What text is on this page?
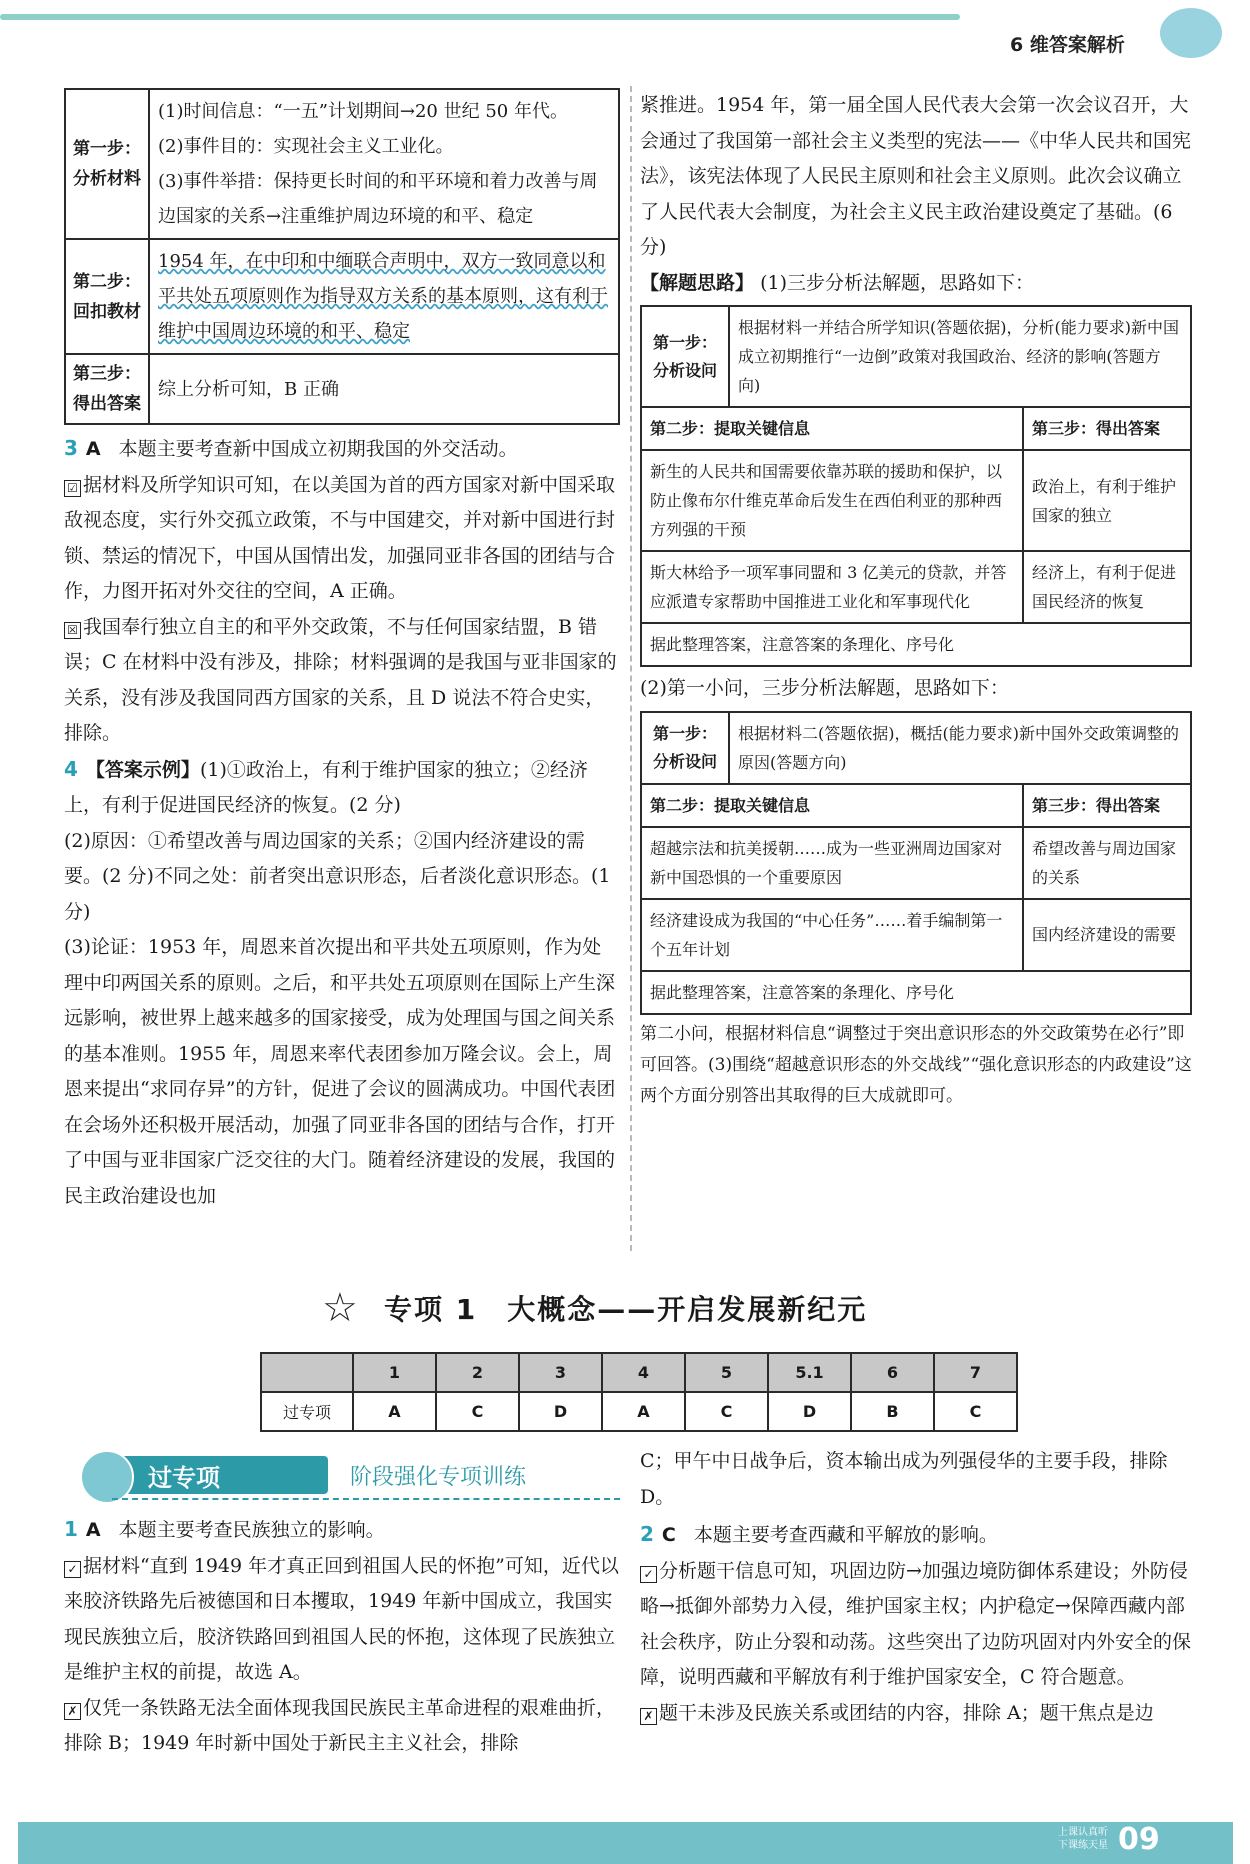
6 维答案解析
第一步：分析材料	(1)时间信息：“一五”计划期间→20 世纪 50 年代。

(2)事件目的：实现社会主义工业化。

(3)事件举措：保持更长时间的和平环境和着力改善与周边国家的关系→注重维护周边环境的和平、稳定

第二步：回扣教材	1954 年，在中印和中缅联合声明中，双方一致同意以和平共处五项原则作为指导双方关系的基本原则，这有利于维护中国周边环境的和平、稳定

第三步：得出答案	综上分析可知，B 正确

3 A 本题主要考查新中国成立初期我国的外交活动。

☑ 据材料及所学知识可知，在以美国为首的西方国家对新中国采取敌视态度，实行外交孤立政策，不与中国建交，并对新中国进行封锁、禁运的情况下，中国从国情出发，加强同亚非各国的团结与合作，力图开拓对外交往的空间，A 正确。

☒ 我国奉行独立自主的和平外交政策，不与任何国家结盟，B 错误；C 在材料中没有涉及，排除；材料强调的是我国与亚非国家的关系，没有涉及我国同西方国家的关系，且 D 说法不符合史实，排除。

4 【答案示例】(1)①政治上，有利于维护国家的独立；②经济上，有利于促进国民经济的恢复。(2 分)

(2)原因：①希望改善与周边国家的关系；②国内经济建设的需要。(2 分)不同之处：前者突出意识形态，后者淡化意识形态。(1 分)

(3)论证：1953 年，周恩来首次提出和平共处五项原则，作为处理中印两国关系的原则。之后，和平共处五项原则在国际上产生深远影响，被世界上越来越多的国家接受，成为处理国与国之间关系的基本准则。1955 年，周恩来率代表团参加万隆会议。会上，周恩来提出“求同存异”的方针，促进了会议的圆满成功。中国代表团在会场外还积极开展活动，加强了同亚非各国的团结与合作，打开了中国与亚非国家广泛交往的大门。随着经济建设的发展，我国的民主政治建设也加

紧推进。1954 年，第一届全国人民代表大会第一次会议召开，大会通过了我国第一部社会主义类型的宪法——《中华人民共和国宪法》，该宪法体现了人民民主原则和社会主义原则。此次会议确立了人民代表大会制度，为社会主义民主政治建设奠定了基础。(6 分)

【解题思路】 (1)三步分析法解题，思路如下：

第一步：分析设问	根据材料一并结合所学知识(答题依据)，分析(能力要求)新中国成立初期推行“一边倒”政策对我国政治、经济的影响(答题方向)	
第二步：提取关键信息		第三步：得出答案
新生的人民共和国需要依靠苏联的援助和保护，以防止像布尔什维克革命后发生在西伯利亚的那种西方列强的干预		政治上，有利于维护国家的独立
斯大林给予一项军事同盟和 3 亿美元的贷款，并答应派遣专家帮助中国推进工业化和军事现代化		经济上，有利于促进国民经济的恢复
据此整理答案，注意答案的条理化、序号化		

(2)第一小问，三步分析法解题，思路如下：

第一步：分析设问	根据材料二(答题依据)，概括(能力要求)新中国外交政策调整的原因(答题方向)	
第二步：提取关键信息		第三步：得出答案
超越宗法和抗美援朝……成为一些亚洲周边国家对新中国恐惧的一个重要原因		希望改善与周边国家的关系
经济建设成为我国的“中心任务”……着手编制第一个五年计划		国内经济建设的需要
据此整理答案，注意答案的条理化、序号化		

第二小问，根据材料信息“调整过于突出意识形态的外交政策势在必行”即可回答。(3)围绕“超越意识形态的外交战线”“强化意识形态的内政建设”这两个方面分别答出其取得的巨大成就即可。

☆ 专项 1　大概念——开启发展新纪元
	1	2	3	4	5	5.1	6	7
过专项	A	C	D	A	C	D	B	C
过专项	阶段强化专项训练

1 A 本题主要考查民族独立的影响。

✓ 据材料“直到 1949 年才真正回到祖国人民的怀抱”可知，近代以来胶济铁路先后被德国和日本攫取，1949 年新中国成立，我国实现民族独立后，胶济铁路回到祖国人民的怀抱，这体现了民族独立是维护主权的前提，故选 A。

✗ 仅凭一条铁路无法全面体现我国民族民主革命进程的艰难曲折，排除 B；1949 年时新中国处于新民主主义社会，排除

C；甲午中日战争后，资本输出成为列强侵华的主要手段，排除 D。

2 C 本题主要考查西藏和平解放的影响。

✓ 分析题干信息可知，巩固边防→加强边境防御体系建设；外防侵略→抵御外部势力入侵，维护国家主权；内护稳定→保障西藏内部社会秩序，防止分裂和动荡。这些突出了边防巩固对内外安全的保障，说明西藏和平解放有利于维护国家安全，C 符合题意。

✗ 题干未涉及民族关系或团结的内容，排除 A；题干焦点是边

上课认真听
下课练天星 09
